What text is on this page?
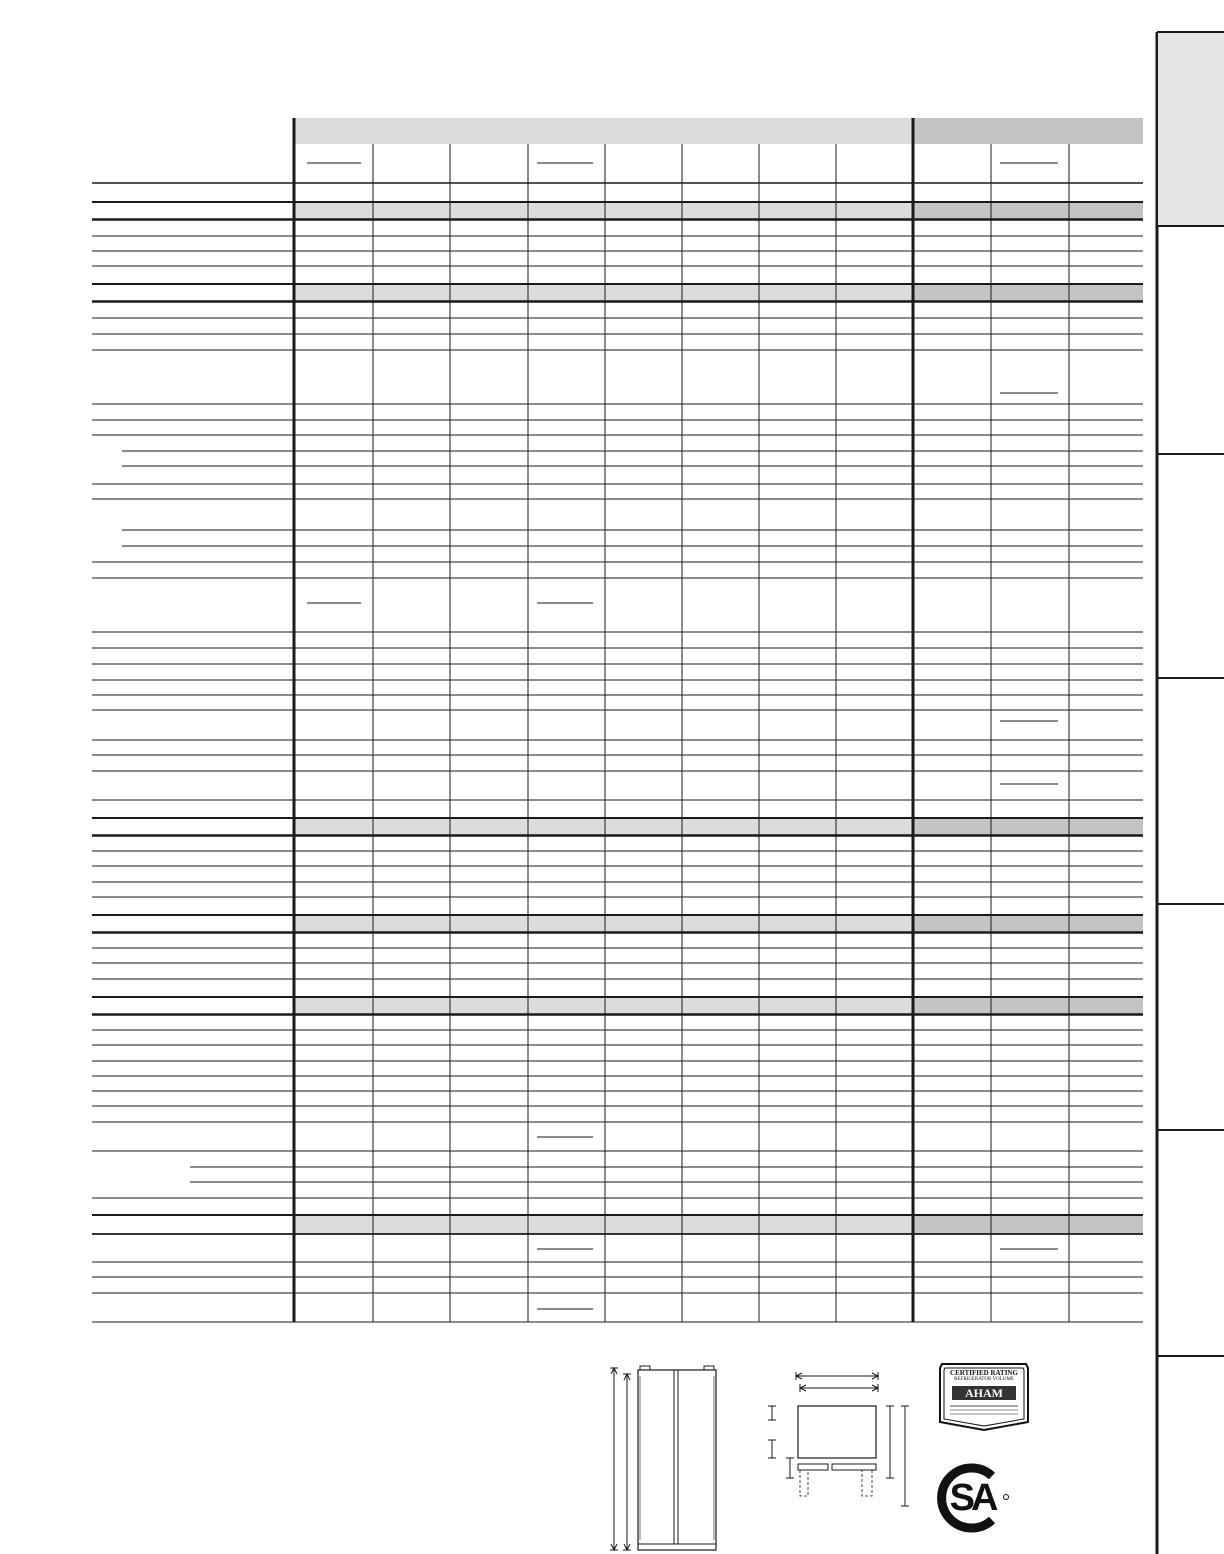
CERTIFIED RATING
REFRIGERATOR VOLUME
AHAM
SA
